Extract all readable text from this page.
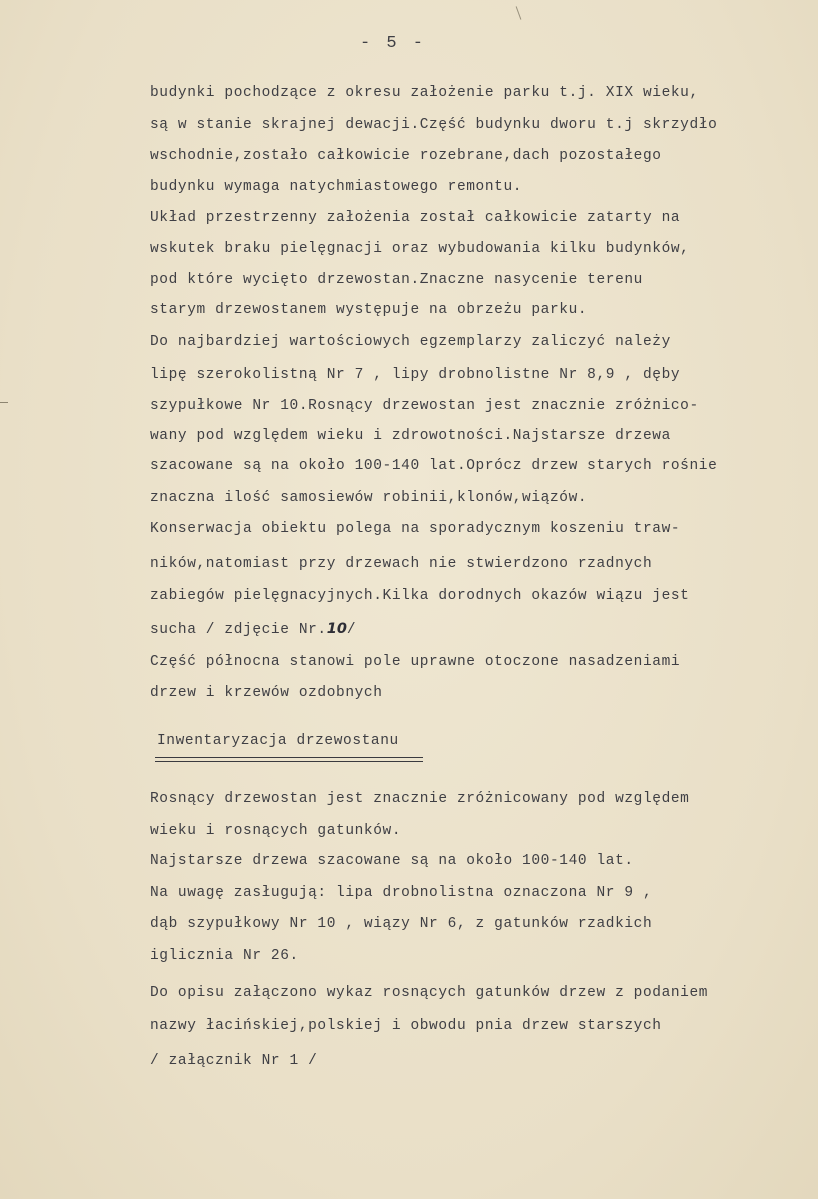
- 5 -
budynki pochodzące z okresu założenie parku t.j. XIX wieku,
są w stanie skrajnej dewacji.Część budynku dworu t.j skrzydło
wschodnie,zostało całkowicie rozebrane,dach pozostałego
budynku wymaga natychmiastowego remontu.
Układ przestrzenny założenia został całkowicie zatarty na
wskutek braku pielęgnacji oraz wybudowania kilku budynków,
pod które wycięto drzewostan.Znaczne nasycenie terenu
starym drzewostanem występuje na obrzeżu parku.
Do najbardziej wartościowych egzemplarzy zaliczyć należy
lipę szerokolistną Nr 7 , lipy drobnolistne Nr 8,9 , dęby
szypułkowe Nr 10.Rosnący drzewostan jest znacznie zróżnico-
wany pod względem wieku i zdrowotności.Najstarsze drzewa
szacowane są na około 100-140 lat.Oprócz drzew starych rośnie
znaczna ilość samosiewów robinii,klonów,wiązów.
Konserwacja obiektu polega na sporadycznym koszeniu traw-
ników,natomiast przy drzewach nie stwierdzono rzadnych
zabiegów pielęgnacyjnych.Kilka dorodnych okazów wiązu jest
sucha / zdjęcie Nr.10/
Część północna stanowi pole uprawne otoczone nasadzeniami
drzew i krzewów ozdobnych
Inwentaryzacja drzewostanu
Rosnący drzewostan jest znacznie zróżnicowany pod względem
wieku i rosnących gatunków.
Najstarsze drzewa szacowane są na około 100-140 lat.
Na uwagę zasługują: lipa drobnolistna oznaczona Nr 9 ,
dąb szypułkowy Nr 10 , wiązy Nr 6, z gatunków rzadkich
iglicznia Nr 26.
Do opisu załączono wykaz rosnących gatunków drzew z podaniem
nazwy łacińskiej,polskiej i obwodu pnia drzew starszych
/ załącznik Nr 1 /
